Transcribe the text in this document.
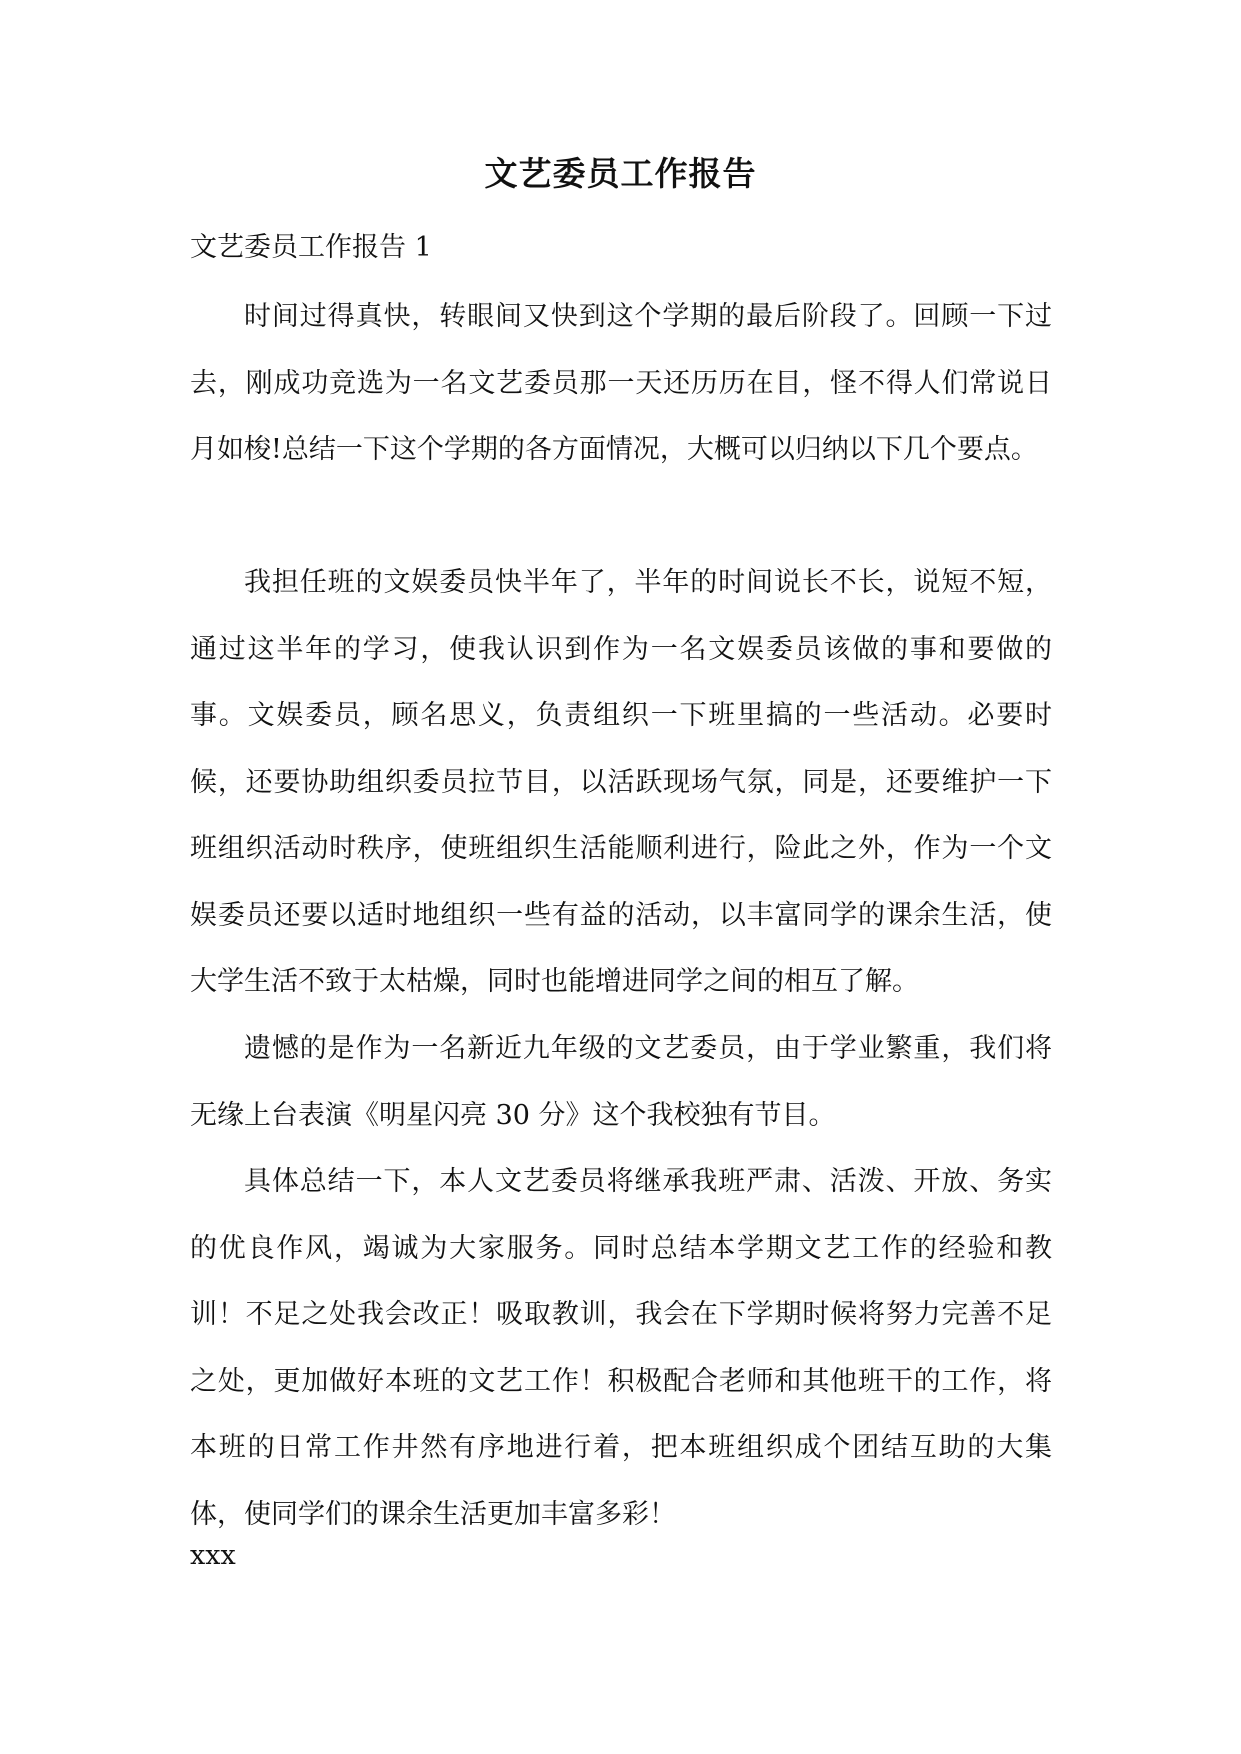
文艺委员工作报告
文艺委员工作报告 1

时间过得真快，转眼间又快到这个学期的最后阶段了。回顾一下过去，刚成功竞选为一名文艺委员那一天还历历在目，怪不得人们常说日月如梭!总结一下这个学期的各方面情况，大概可以归纳以下几个要点。

我担任班的文娱委员快半年了，半年的时间说长不长，说短不短，通过这半年的学习，使我认识到作为一名文娱委员该做的事和要做的事。文娱委员，顾名思义，负责组织一下班里搞的一些活动。必要时候，还要协助组织委员拉节目，以活跃现场气氛，同是，还要维护一下班组织活动时秩序，使班组织生活能顺利进行，险此之外，作为一个文娱委员还要以适时地组织一些有益的活动，以丰富同学的课余生活，使大学生活不致于太枯燥，同时也能增进同学之间的相互了解。

遗憾的是作为一名新近九年级的文艺委员，由于学业繁重，我们将无缘上台表演《明星闪亮 30 分》这个我校独有节目。

具体总结一下，本人文艺委员将继承我班严肃、活泼、开放、务实的优良作风，竭诚为大家服务。同时总结本学期文艺工作的经验和教训！不足之处我会改正！吸取教训，我会在下学期时候将努力完善不足之处，更加做好本班的文艺工作！积极配合老师和其他班干的工作，将本班的日常工作井然有序地进行着，把本班组织成个团结互助的大集体，使同学们的课余生活更加丰富多彩！

xxx
